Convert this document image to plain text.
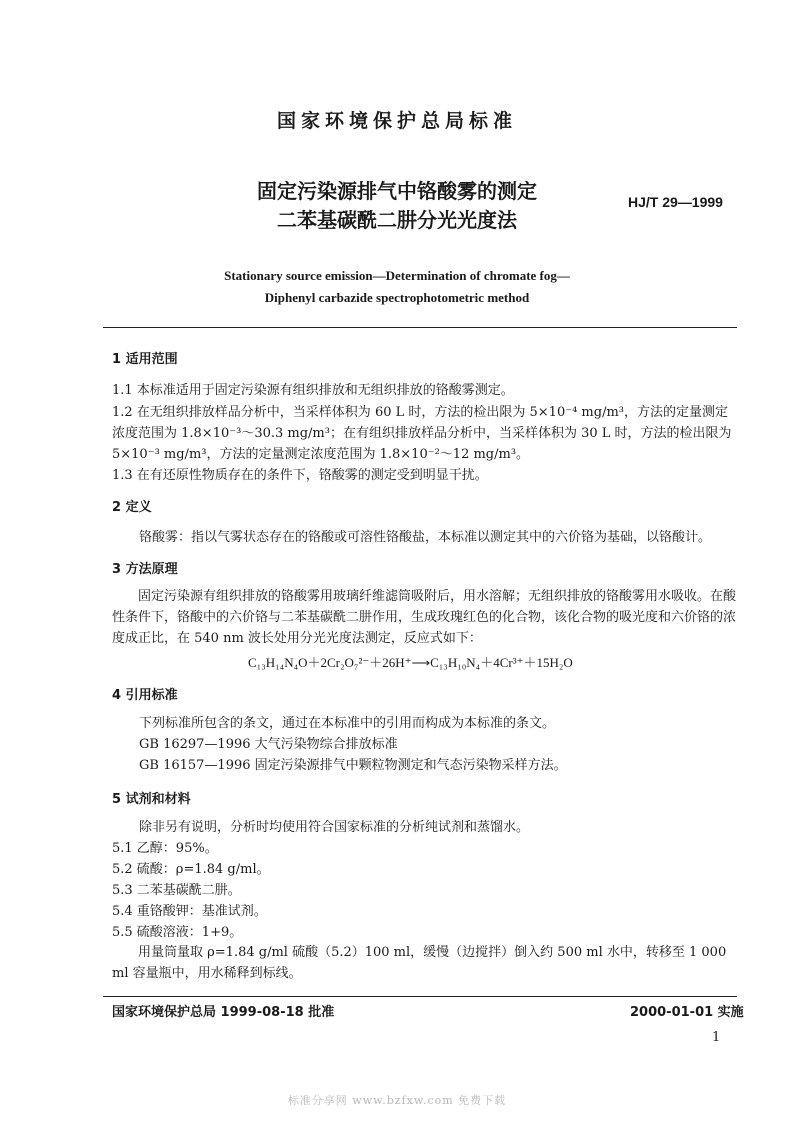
国家环境保护总局标准
固定污染源排气中铬酸雾的测定
二苯基碳酰二肼分光光度法
HJ/T 29—1999
Stationary source emission—Determination of chromate fog—
Diphenyl carbazide spectrophotometric method
1 适用范围
1.1 本标准适用于固定污染源有组织排放和无组织排放的铬酸雾测定。
1.2 在无组织排放样品分析中，当采样体积为 60 L 时，方法的检出限为 5×10⁻⁴ mg/m³，方法的定量测定浓度范围为 1.8×10⁻³～30.3 mg/m³；在有组织排放样品分析中，当采样体积为 30 L 时，方法的检出限为 5×10⁻³ mg/m³，方法的定量测定浓度范围为 1.8×10⁻²～12 mg/m³。
1.3 在有还原性物质存在的条件下，铬酸雾的测定受到明显干扰。
2 定义
铬酸雾：指以气雾状态存在的铬酸或可溶性铬酸盐，本标准以测定其中的六价铬为基础，以铬酸计。
3 方法原理
固定污染源有组织排放的铬酸雾用玻璃纤维滤筒吸附后，用水溶解；无组织排放的铬酸雾用水吸收。在酸性条件下，铬酸中的六价铬与二苯基碳酰二肼作用，生成玫瑰红色的化合物，该化合物的吸光度和六价铬的浓度成正比，在 540 nm 波长处用分光光度法测定，反应式如下：
C₁₃H₁₄N₄O＋2Cr₂O₇²⁻＋26H⁺⟶C₁₃H₁₀N₄＋4Cr³⁺＋15H₂O
4 引用标准
下列标准所包含的条文，通过在本标准中的引用而构成为本标准的条文。
GB 16297—1996 大气污染物综合排放标准
GB 16157—1996 固定污染源排气中颗粒物测定和气态污染物采样方法。
5 试剂和材料
除非另有说明，分析时均使用符合国家标准的分析纯试剂和蒸馏水。
5.1 乙醇：95%。
5.2 硫酸：ρ=1.84 g/ml。
5.3 二苯基碳酰二肼。
5.4 重铬酸钾：基准试剂。
5.5 硫酸溶液：1+9。
用量筒量取 ρ=1.84 g/ml 硫酸（5.2）100 ml，缓慢（边搅拌）倒入约 500 ml 水中，转移至 1 000 ml 容量瓶中，用水稀释到标线。
国家环境保护总局 1999-08-18 批准	2000-01-01 实施
1
标准分享网 www.bzfxw.com 免费下载
